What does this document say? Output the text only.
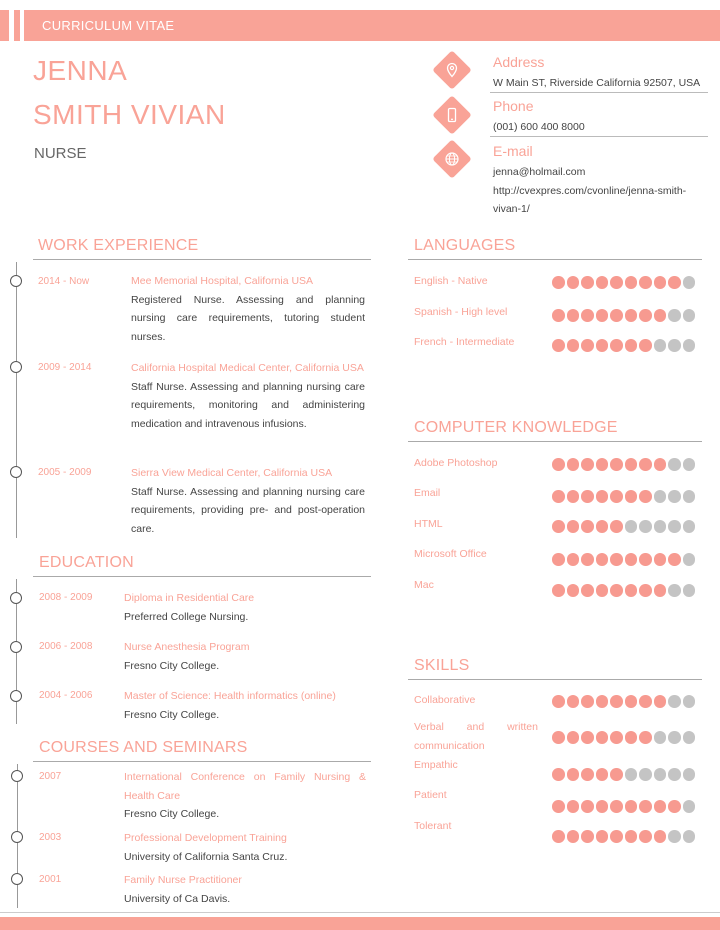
CURRICULUM VITAE
JENNA
SMITH VIVIAN
NURSE
Address
W Main ST, Riverside California 92507, USA
Phone
(001) 600 400 8000
E-mail
jenna@holmail.com
http://cvexpres.com/cvonline/jenna-smith-
vivan-1/
WORK EXPERIENCE
2014 - Now	Mee Memorial Hospital, California USA
Registered Nurse. Assessing and planning nursing care requirements, tutoring student nurses.
2009 - 2014	California Hospital Medical Center, California USA
Staff Nurse. Assessing and planning nursing care requirements, monitoring and administering medication and intravenous infusions.
2005 - 2009	Sierra View Medical Center, California USA
Staff Nurse. Assessing and planning nursing care requirements, providing pre- and post-operation care.
EDUCATION
2008 - 2009	Diploma in Residential Care
Preferred College Nursing.
2006 - 2008	Nurse Anesthesia Program
Fresno City College.
2004 - 2006	Master of Science: Health informatics (online)
Fresno City College.
COURSES AND SEMINARS
2007	International Conference on Family Nursing & Health Care
Fresno City College.
2003	Professional Development Training
University of California Santa Cruz.
2001	Family Nurse Practitioner
University of Ca Davis.
LANGUAGES
English - Native
Spanish - High level
French - Intermediate
COMPUTER KNOWLEDGE
Adobe Photoshop
Email
HTML
Microsoft Office
Mac
SKILLS
Collaborative
Verbal and written communication
Empathic
Patient
Tolerant
